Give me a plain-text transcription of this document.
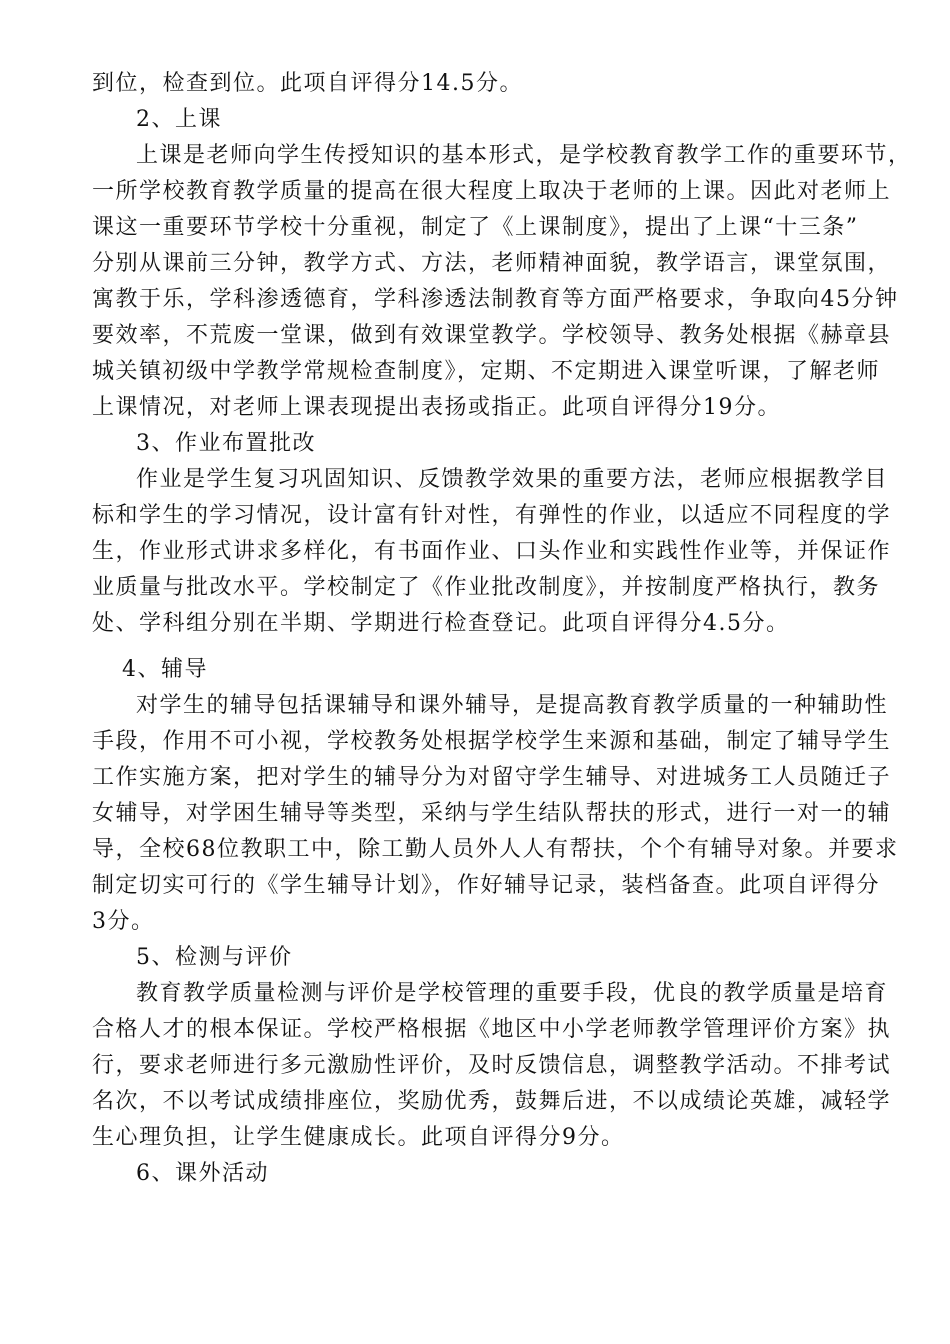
到位，检查到位。此项自评得分14.5分。
2、上课
上课是老师向学生传授知识的基本形式，是学校教育教学工作的重要环节，
一所学校教育教学质量的提高在很大程度上取决于老师的上课。因此对老师上
课这一重要环节学校十分重视，制定了《上课制度》，提出了上课“十三条”
分别从课前三分钟，教学方式、方法，老师精神面貌，教学语言，课堂氛围，
寓教于乐，学科渗透德育，学科渗透法制教育等方面严格要求，争取向45分钟
要效率，不荒废一堂课，做到有效课堂教学。学校领导、教务处根据《赫章县
城关镇初级中学教学常规检查制度》，定期、不定期进入课堂听课，了解老师
上课情况，对老师上课表现提出表扬或指正。此项自评得分19分。
3、作业布置批改
作业是学生复习巩固知识、反馈教学效果的重要方法，老师应根据教学目
标和学生的学习情况，设计富有针对性，有弹性的作业，以适应不同程度的学
生，作业形式讲求多样化，有书面作业、口头作业和实践性作业等，并保证作
业质量与批改水平。学校制定了《作业批改制度》，并按制度严格执行，教务
处、学科组分别在半期、学期进行检查登记。此项自评得分4.5分。
4、辅导
对学生的辅导包括课辅导和课外辅导，是提高教育教学质量的一种辅助性
手段，作用不可小视，学校教务处根据学校学生来源和基础，制定了辅导学生
工作实施方案，把对学生的辅导分为对留守学生辅导、对进城务工人员随迁子
女辅导，对学困生辅导等类型，采纳与学生结队帮扶的形式，进行一对一的辅
导，全校68位教职工中，除工勤人员外人人有帮扶，个个有辅导对象。并要求
制定切实可行的《学生辅导计划》，作好辅导记录，装档备查。此项自评得分
3分。
5、检测与评价
教育教学质量检测与评价是学校管理的重要手段，优良的教学质量是培育
合格人才的根本保证。学校严格根据《地区中小学老师教学管理评价方案》执
行，要求老师进行多元激励性评价，及时反馈信息，调整教学活动。不排考试
名次，不以考试成绩排座位，奖励优秀，鼓舞后进，不以成绩论英雄，减轻学
生心理负担，让学生健康成长。此项自评得分9分。
6、课外活动
